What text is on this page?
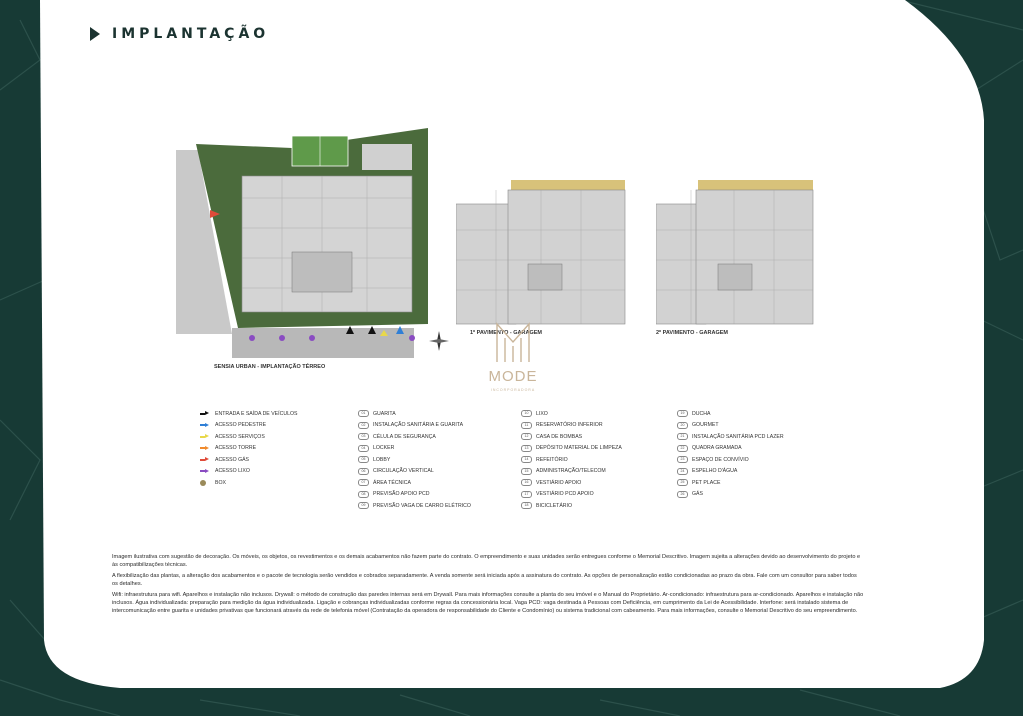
IMPLANTAÇÃO
SENSIA URBAN - IMPLANTAÇÃO TÉRREO
1º PAVIMENTO - GARAGEM	2º PAVIMENTO - GARAGEM
MODE
INCORPORADORA
ENTRADA E SAÍDA DE VEÍCULOS
ACESSO PEDESTRE
ACESSO SERVIÇOS
ACESSO TORRE
ACESSO GÁS
ACESSO LIXO
BOX
01	GUARITA
02	INSTALAÇÃO SANITÁRIA E GUARITA
03	CÉLULA DE SEGURANÇA
04	LOCKER
05	LOBBY
06	CIRCULAÇÃO VERTICAL
07	ÁREA TÉCNICA
08	PREVISÃO APOIO PCD
09	PREVISÃO VAGA DE CARRO ELÉTRICO
10	LIXO
11	RESERVATÓRIO INFERIOR
12	CASA DE BOMBAS
13	DEPÓSITO MATERIAL DE LIMPEZA
14	REFEITÓRIO
15	ADMINISTRAÇÃO/TELECOM
16	VESTIÁRIO APOIO
17	VESTIÁRIO PCD APOIO
18	BICICLETÁRIO
19	DUCHA
20	GOURMET
21	INSTALAÇÃO SANITÁRIA PCD LAZER
22	QUADRA GRAMADA
23	ESPAÇO DE CONVÍVIO
24	ESPELHO D'ÁGUA
25	PET PLACE
26	GÁS

Imagem ilustrativa com sugestão de decoração. Os móveis, os objetos, os revestimentos e os demais acabamentos não fazem parte do contrato. O empreendimento e suas unidades serão entregues conforme o Memorial Descritivo. Imagem sujeita a alterações devido ao desenvolvimento do projeto e às compatibilizações técnicas.

A flexibilização das plantas, a alteração dos acabamentos e o pacote de tecnologia serão vendidos e cobrados separadamente. A venda somente será iniciada após a assinatura do contrato. As opções de personalização estão condicionadas ao prazo da obra. Fale com um consultor para saber todos os detalhes.

Wifi: infraestrutura para wifi. Aparelhos e instalação não inclusos. Drywall: o método de construção das paredes internas será em Drywall. Para mais informações consulte a planta do seu imóvel e o Manual do Proprietário. Ar-condicionado: infraestrutura para ar-condicionado. Aparelhos e instalação não inclusos. Água individualizada: preparação para medição da água individualizada. Ligação e cobranças individualizadas conforme regras da concessionária local. Vaga PCD: vaga destinada à Pessoas com Deficiência, em cumprimento da Lei de Acessibilidade. Interfone: será instalado sistema de intercomunicação entre guarita e unidades privativas que funcionará através da rede de telefonia móvel (Contratação da operadora de responsabilidade do Cliente e Condomínio) ou sistema tradicional com cabeamento. Para mais informações, consulte o Memorial Descritivo do seu empreendimento.
